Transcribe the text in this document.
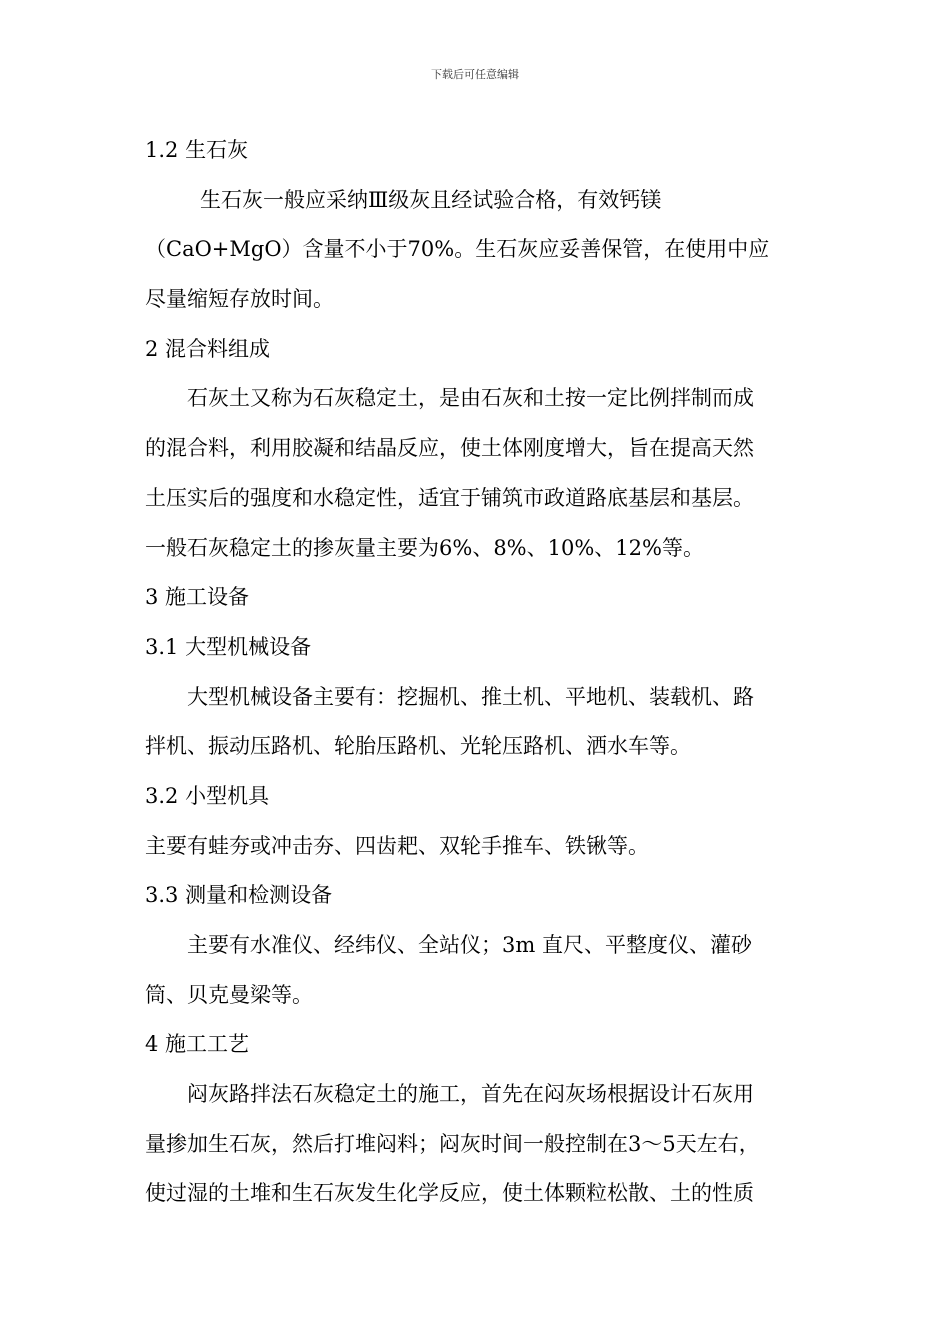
下载后可任意编辑
1.2 生石灰
生石灰一般应采纳Ⅲ级灰且经试验合格，有效钙镁
（CaO+MgO）含量不小于70%。生石灰应妥善保管，在使用中应
尽量缩短存放时间。
2 混合料组成
石灰土又称为石灰稳定土，是由石灰和土按一定比例拌制而成
的混合料，利用胶凝和结晶反应，使土体刚度增大，旨在提高天然
土压实后的强度和水稳定性，适宜于铺筑市政道路底基层和基层。
一般石灰稳定土的掺灰量主要为6%、8%、10%、12%等。
3 施工设备
3.1 大型机械设备
大型机械设备主要有：挖掘机、推土机、平地机、装载机、路
拌机、振动压路机、轮胎压路机、光轮压路机、洒水车等。
3.2 小型机具
主要有蛙夯或冲击夯、四齿耙、双轮手推车、铁锹等。
3.3 测量和检测设备
主要有水准仪、经纬仪、全站仪；3m 直尺、平整度仪、灌砂
筒、贝克曼梁等。
4 施工工艺
闷灰路拌法石灰稳定土的施工，首先在闷灰场根据设计石灰用
量掺加生石灰，然后打堆闷料；闷灰时间一般控制在3～5天左右，
使过湿的土堆和生石灰发生化学反应，使土体颗粒松散、土的性质
